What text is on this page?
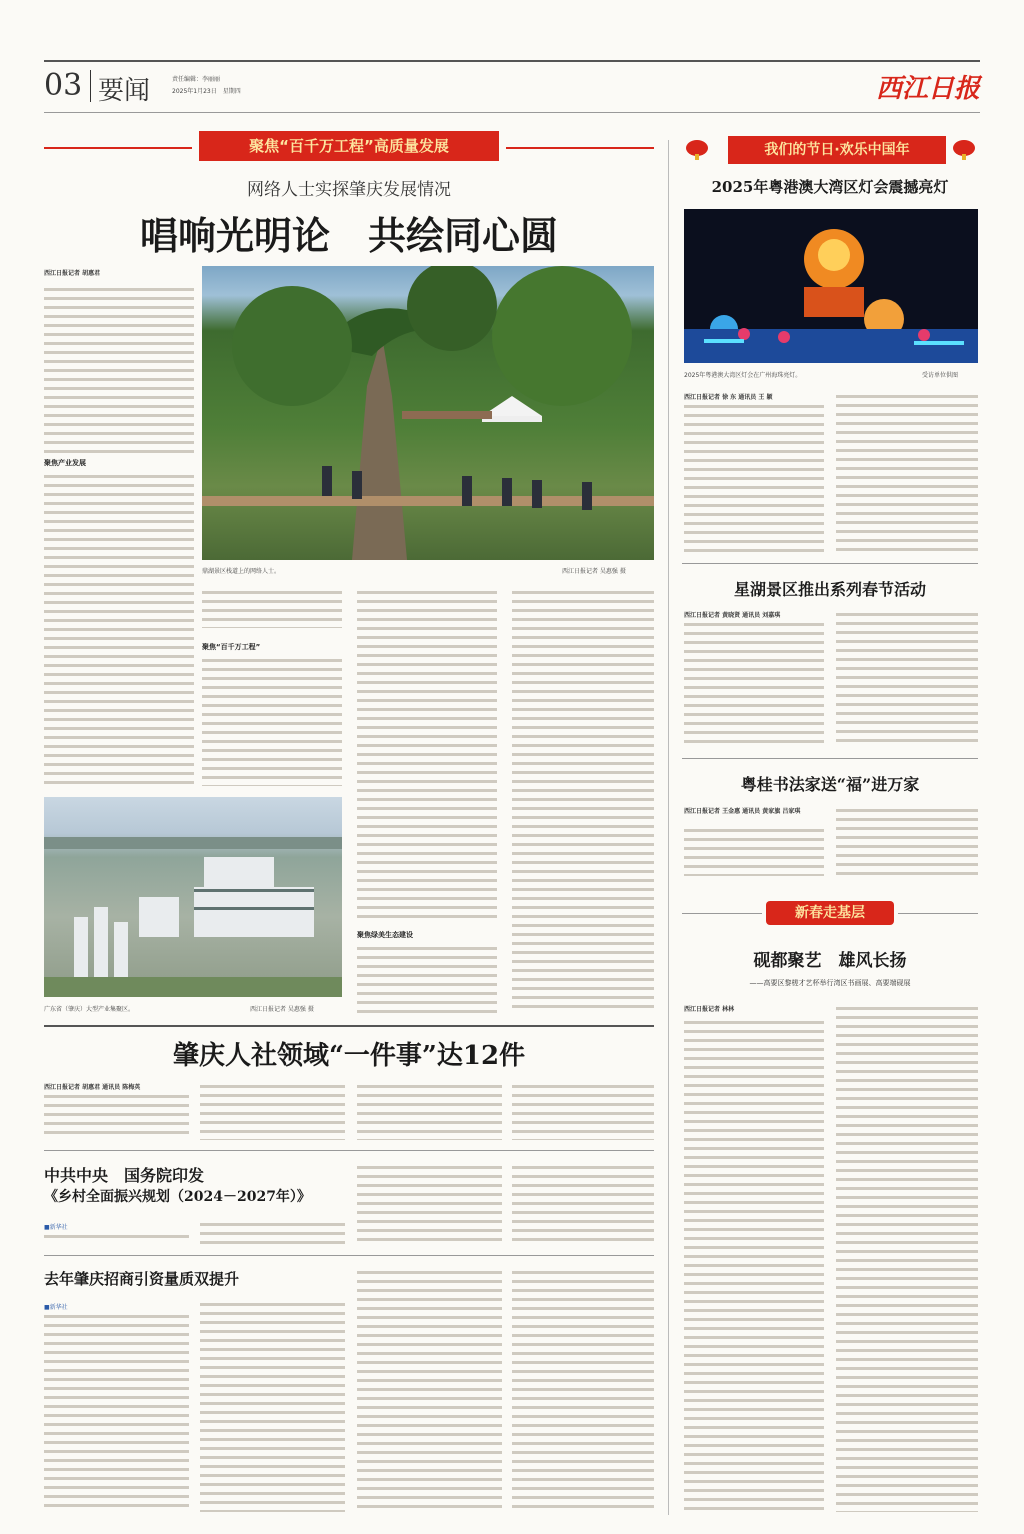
03 要闻	责任编辑：李丽丽
2025年1月23日　星期四	西江日报
聚焦“百千万工程”高质量发展
网络人士实探肇庆发展情况
唱响光明论　共绘同心圆
西江日报记者 胡惠君
聚焦产业发展
鼎湖景区栈道上的网络人士。	西江日报记者 吴惠强 摄
聚焦“百千万工程”
聚焦绿美生态建设
广东省（肇庆）大型产业集聚区。	西江日报记者 吴惠强 摄
肇庆人社领域“一件事”达12件
西江日报记者 胡惠君 通讯员 陈梅英
中共中央　国务院印发
《乡村全面振兴规划（2024－2027年）》
■新华社
去年肇庆招商引资量质双提升
■新华社
我们的节日·欢乐中国年
2025年粤港澳大湾区灯会震撼亮灯
2025年粤港澳大湾区灯会在广州海珠亮灯。	受访单位供图
西江日报记者 徐 东 通讯员 王 颖
星湖景区推出系列春节活动
西江日报记者 黄晓贤 通讯员 刘嘉琪
粤桂书法家送“福”进万家
西江日报记者 王金惠 通讯员 黄家旗 吕家琪
新春走基层
砚都聚艺　雄风长扬
——高要区黎槎才艺杯举行湾区书画展、高要端砚展
西江日报记者 林林
